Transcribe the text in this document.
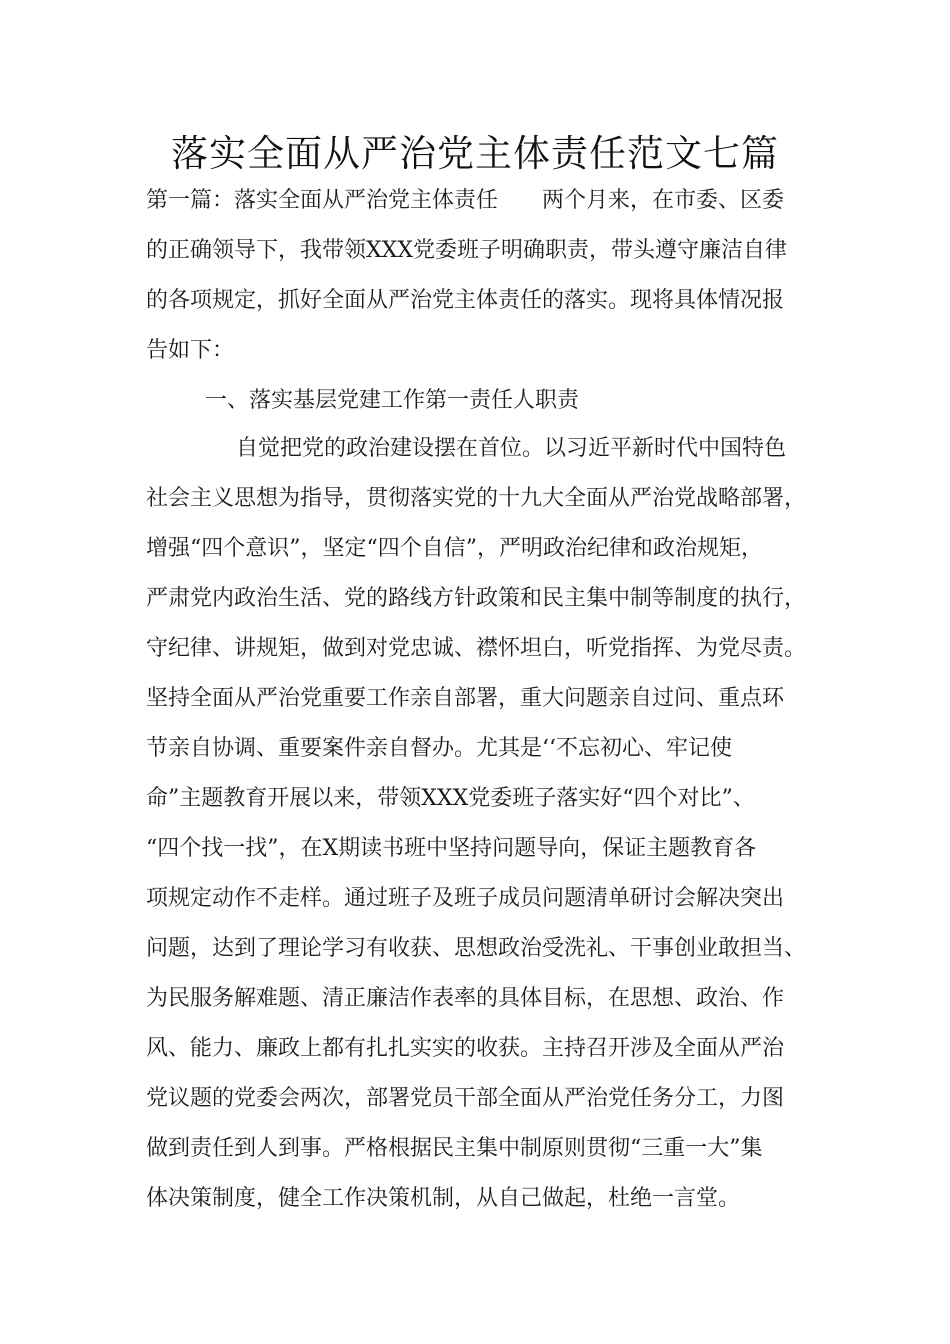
落实全面从严治党主体责任范文七篇

第一篇：落实全面从严治党主体责任　　两个月来，在市委、区委

的正确领导下，我带领XXX党委班子明确职责，带头遵守廉洁自律

的各项规定，抓好全面从严治党主体责任的落实。现将具体情况报

告如下：

一、落实基层党建工作第一责任人职责

自觉把党的政治建设摆在首位。以习近平新时代中国特色

社会主义思想为指导，贯彻落实党的十九大全面从严治党战略部署，

增强“四个意识”，坚定“四个自信”，严明政治纪律和政治规矩，

严肃党内政治生活、党的路线方针政策和民主集中制等制度的执行，

守纪律、讲规矩，做到对党忠诚、襟怀坦白，听党指挥、为党尽责。

坚持全面从严治党重要工作亲自部署，重大问题亲自过问、重点环

节亲自协调、重要案件亲自督办。尤其是‘‘不忘初心、牢记使

命”主题教育开展以来，带领XXX党委班子落实好“四个对比”、

“四个找一找”，在X期读书班中坚持问题导向，保证主题教育各

项规定动作不走样。通过班子及班子成员问题清单研讨会解决突出

问题，达到了理论学习有收获、思想政治受洗礼、干事创业敢担当、

为民服务解难题、清正廉洁作表率的具体目标，在思想、政治、作

风、能力、廉政上都有扎扎实实的收获。主持召开涉及全面从严治

党议题的党委会两次，部署党员干部全面从严治党任务分工，力图

做到责任到人到事。严格根据民主集中制原则贯彻“三重一大”集

体决策制度，健全工作决策机制，从自己做起，杜绝一言堂。
